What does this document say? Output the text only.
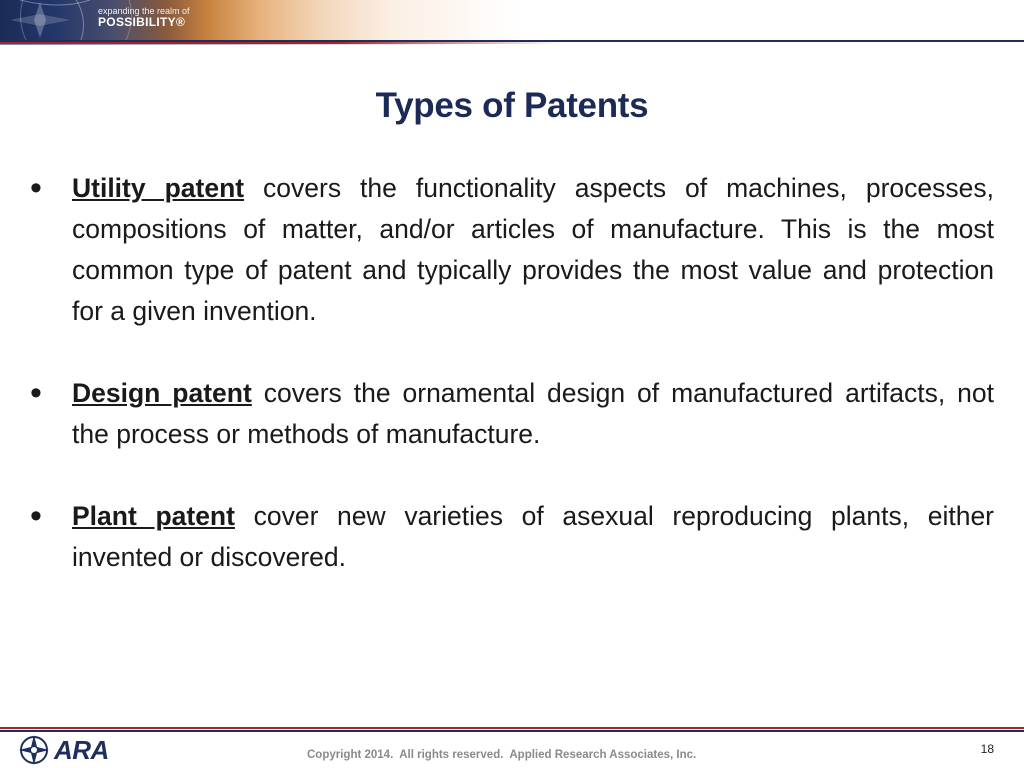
expanding the realm of
POSSIBILITY®
Types of Patents
• Utility patent covers the functionality aspects of machines, processes, compositions of matter, and/or articles of manufacture. This is the most common type of patent and typically provides the most value and protection for a given invention.
• Design patent covers the ornamental design of manufactured artifacts, not the process or methods of manufacture.
• Plant patent cover new varieties of asexual reproducing plants, either invented or discovered.
ARA	Copyright 2014.  All rights reserved.  Applied Research Associates, Inc.	18
